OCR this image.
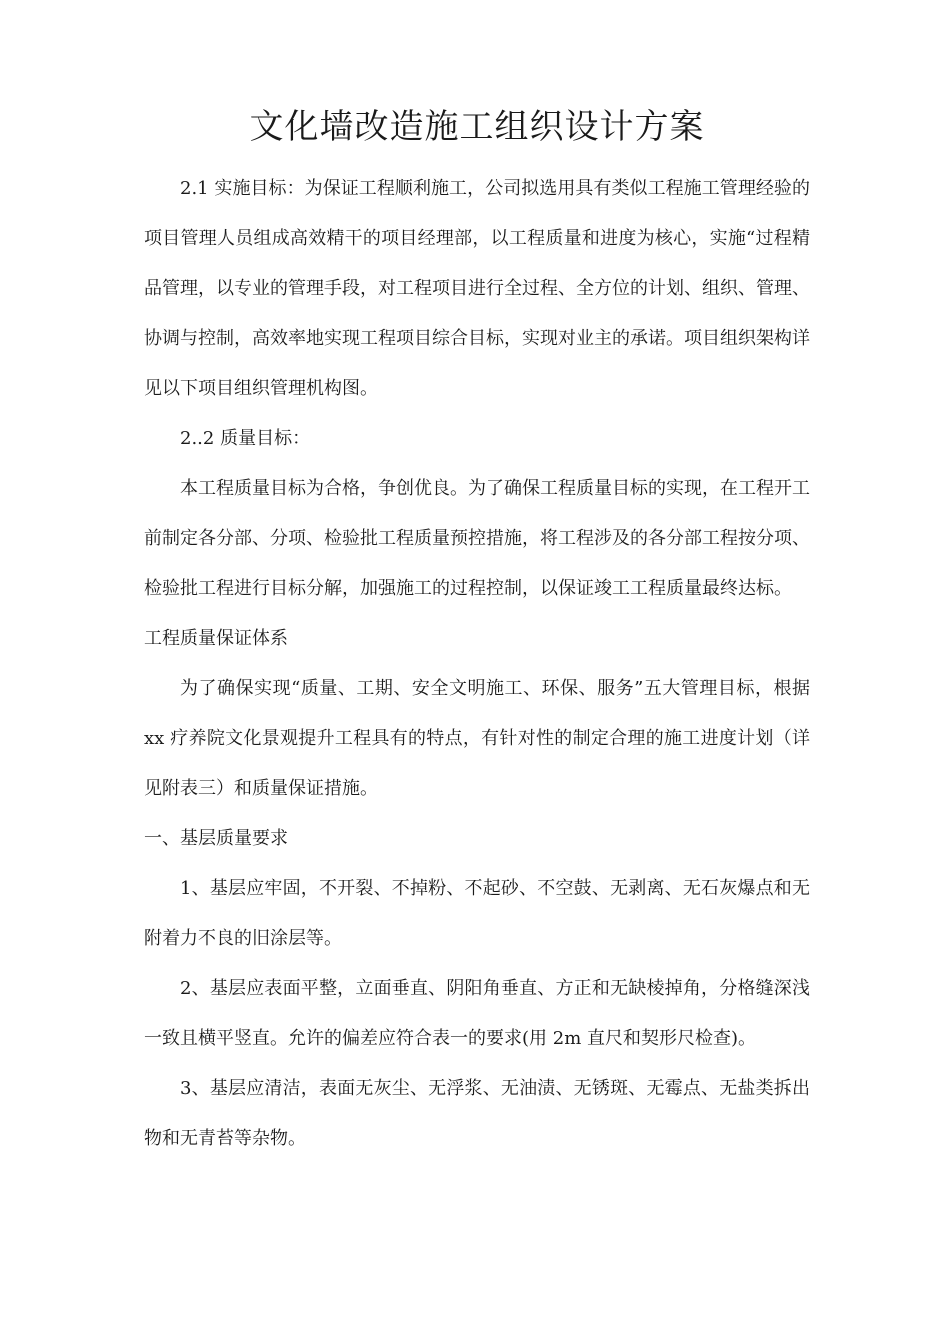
文化墙改造施工组织设计方案

2.1 实施目标：为保证工程顺利施工，公司拟选用具有类似工程施工管理经验的项目管理人员组成高效精干的项目经理部，以工程质量和进度为核心，实施“过程精品管理，以专业的管理手段，对工程项目进行全过程、全方位的计划、组织、管理、协调与控制，高效率地实现工程项目综合目标，实现对业主的承诺。项目组织架构详见以下项目组织管理机构图。

2..2 质量目标：

本工程质量目标为合格，争创优良。为了确保工程质量目标的实现，在工程开工前制定各分部、分项、检验批工程质量预控措施，将工程涉及的各分部工程按分项、检验批工程进行目标分解，加强施工的过程控制，以保证竣工工程质量最终达标。

工程质量保证体系

为了确保实现“质量、工期、安全文明施工、环保、服务”五大管理目标，根据 xx 疗养院文化景观提升工程具有的特点，有针对性的制定合理的施工进度计划（详见附表三）和质量保证措施。

一、基层质量要求

1、基层应牢固，不开裂、不掉粉、不起砂、不空鼓、无剥离、无石灰爆点和无附着力不良的旧涂层等。

2、基层应表面平整，立面垂直、阴阳角垂直、方正和无缺棱掉角，分格缝深浅一致且横平竖直。允许的偏差应符合表一的要求(用 2m 直尺和契形尺检查)。

3、基层应清洁，表面无灰尘、无浮浆、无油渍、无锈斑、无霉点、无盐类拆出物和无青苔等杂物。
